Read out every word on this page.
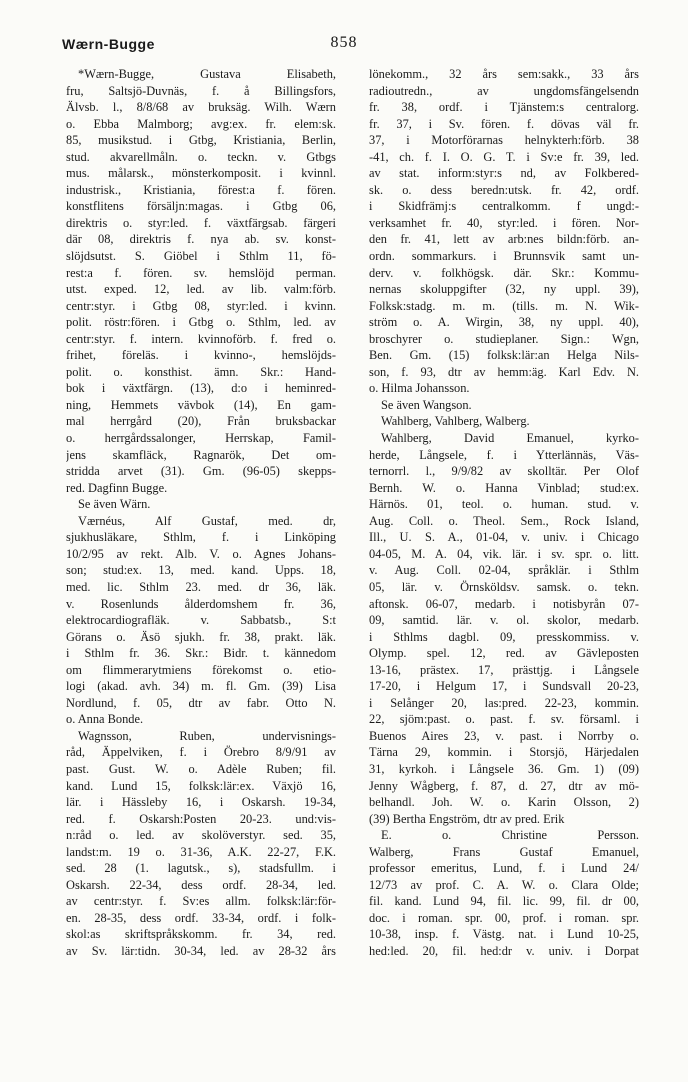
Wærn-Bugge	858
*Wærn-Bugge, Gustava Elisabeth,
fru, Saltsjö-Duvnäs, f. å Billingsfors,
Älvsb. l., 8/8/68 av bruksäg. Wilh. Wærn
o. Ebba Malmborg; avg:ex. fr. elem:sk.
85, musikstud. i Gtbg, Kristiania, Berlin,
stud. akvarellmåln. o. teckn. v. Gtbgs
mus. målarsk., mönsterkomposit. i kvinnl.
industrisk., Kristiania, förest:a f. fören.
konstflitens försäljn:magas. i Gtbg 06,
direktris o. styr:led. f. växtfärgsab. färgeri
där 08, direktris f. nya ab. sv. konst-
slöjdsutst. S. Giöbel i Sthlm 11, fö-
rest:a f. fören. sv. hemslöjd perman.
utst. exped. 12, led. av lib. valm:förb.
centr:styr. i Gtbg 08, styr:led. i kvinn.
polit. röstr:fören. i Gtbg o. Sthlm, led. av
centr:styr. f. intern. kvinnoförb. f. fred o.
frihet, föreläs. i kvinno-, hemslöjds-
polit. o. konsthist. ämn. Skr.: Hand-
bok i växtfärgn. (13), d:o i heminred-
ning, Hemmets vävbok (14), En gam-
mal herrgård (20), Från bruksbackar
o. herrgårdssalonger, Herrskap, Famil-
jens skamfläck, Ragnarök, Det om-
stridda arvet (31). Gm. (96-05) skepps-
red. Dagfinn Bugge.
Se även Wärn.
Værnéus, Alf Gustaf, med. dr,
sjukhusläkare, Sthlm, f. i Linköping
10/2/95 av rekt. Alb. V. o. Agnes Johans-
son; stud:ex. 13, med. kand. Upps. 18,
med. lic. Sthlm 23. med. dr 36, läk.
v. Rosenlunds ålderdomshem fr. 36,
elektrocardiografläk. v. Sabbatsb., S:t
Görans o. Äsö sjukh. fr. 38, prakt. läk.
i Sthlm fr. 36. Skr.: Bidr. t. kännedom
om flimmerarytmiens förekomst o. etio-
logi (akad. avh. 34) m. fl. Gm. (39) Lisa
Nordlund, f. 05, dtr av fabr. Otto N.
o. Anna Bonde.
Wagnsson, Ruben, undervisnings-
råd, Äppelviken, f. i Örebro 8/9/91 av
past. Gust. W. o. Adèle Ruben; fil.
kand. Lund 15, folksk:lär:ex. Växjö 16,
lär. i Hässleby 16, i Oskarsh. 19-34,
red. f. Oskarsh:Posten 20-23. und:vis-
n:råd o. led. av skolöverstyr. sed. 35,
landst:m. 19 o. 31-36, A.K. 22-27, F.K.
sed. 28 (1. lagutsk., s), stadsfullm. i
Oskarsh. 22-34, dess ordf. 28-34, led.
av centr:styr. f. Sv:es allm. folksk:lär:för-
en. 28-35, dess ordf. 33-34, ordf. i folk-
skol:as skriftspråkskomm. fr. 34, red.
av Sv. lär:tidn. 30-34, led. av 28-32 års
lönekomm., 32 års sem:sakk., 33 års
radioutredn., av ungdomsfängelsendn
fr. 38, ordf. i Tjänstem:s centralorg.
fr. 37, i Sv. fören. f. dövas väl fr.
37, i Motorförarnas helnykterh:förb. 38
-41, ch. f. I. O. G. T. i Sv:e fr. 39, led.
av stat. inform:styr:s nd, av Folkbered-
sk. o. dess beredn:utsk. fr. 42, ordf.
i Skidfrämj:s centralkomm. f ungd:-
verksamhet fr. 40, styr:led. i fören. Nor-
den fr. 41, lett av arb:nes bildn:förb. an-
ordn. sommarkurs. i Brunnsvik samt un-
derv. v. folkhögsk. där. Skr.: Kommu-
nernas skoluppgifter (32, ny uppl. 39),
Folksk:stadg. m. m. (tills. m. N. Wik-
ström o. A. Wirgin, 38, ny uppl. 40),
broschyrer o. studieplaner. Sign.: Wgn,
Ben. Gm. (15) folksk:lär:an Helga Nils-
son, f. 93, dtr av hemm:äg. Karl Edv. N.
o. Hilma Johansson.
Se även Wangson.
Wahlberg, Vahlberg, Walberg.
Wahlberg, David Emanuel, kyrko-
herde, Långsele, f. i Ytterlännäs, Väs-
ternorrl. l., 9/9/82 av skolltär. Per Olof
Bernh. W. o. Hanna Vinblad; stud:ex.
Härnös. 01, teol. o. human. stud. v.
Aug. Coll. o. Theol. Sem., Rock Island,
Ill., U. S. A., 01-04, v. univ. i Chicago
04-05, M. A. 04, vik. lär. i sv. spr. o. litt.
v. Aug. Coll. 02-04, språklär. i Sthlm
05, lär. v. Örnsköldsv. samsk. o. tekn.
aftonsk. 06-07, medarb. i notisbyrån 07-
09, samtid. lär. v. ol. skolor, medarb.
i Sthlms dagbl. 09, presskommiss. v.
Olymp. spel. 12, red. av Gävleposten
13-16, prästex. 17, prästtjg. i Långsele
17-20, i Helgum 17, i Sundsvall 20-23,
i Selånger 20, las:pred. 22-23, kommin.
22, sjöm:past. o. past. f. sv. församl. i
Buenos Aires 23, v. past. i Norrby o.
Tärna 29, kommin. i Storsjö, Härjedalen
31, kyrkoh. i Långsele 36. Gm. 1) (09)
Jenny Wågberg, f. 87, d. 27, dtr av mö-
belhandl. Joh. W. o. Karin Olsson, 2)
(39) Bertha Engström, dtr av pred. Erik
E. o. Christine Persson.
Walberg, Frans Gustaf Emanuel,
professor emeritus, Lund, f. i Lund 24/
12/73 av prof. C. A. W. o. Clara Olde;
fil. kand. Lund 94, fil. lic. 99, fil. dr 00,
doc. i roman. spr. 00, prof. i roman. spr.
10-38, insp. f. Västg. nat. i Lund 10-25,
hed:led. 20, fil. hed:dr v. univ. i Dorpat
